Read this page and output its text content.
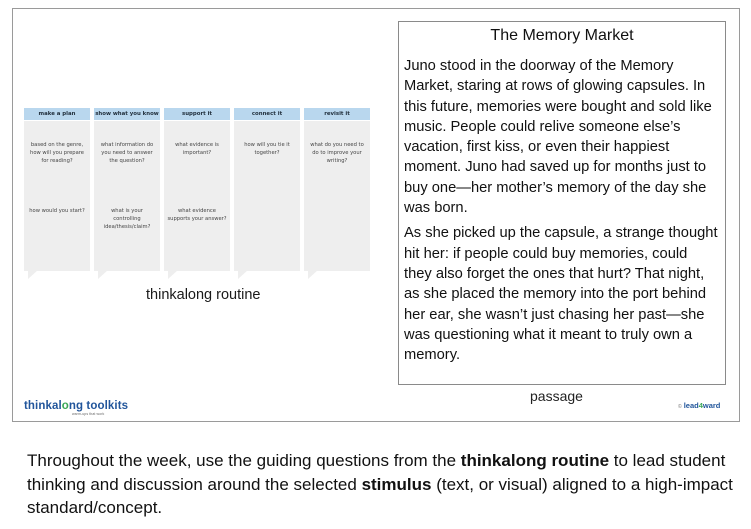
make a plan
based on the genre, how will you prepare for reading?
how would you start?
show what you know
what information do you need to answer the question?
what is your controlling idea/thesis/claim?
support it
what evidence is important?
what evidence supports your answer?
connect it
how will you tie it together?
revisit it
what do you need to do to improve your writing?
thinkalong routine
The Memory Market

Juno stood in the doorway of the Memory Market, staring at rows of glowing capsules. In this future, memories were bought and sold like music. People could relive someone else’s vacation, first kiss, or even their happiest moment. Juno had saved up for months just to buy one—her mother’s memory of the day she was born.

As she picked up the capsule, a strange thought hit her: if people could buy memories, could they also forget the ones that hurt? That night, as she placed the memory into the port behind her ear, she wasn’t just chasing her past—she was questioning what it meant to truly own a memory.

passage
thinkalong toolkits
warm-ups that work
© lead4ward
Throughout the week, use the guiding questions from the thinkalong routine to lead student thinking and discussion around the selected stimulus (text, or visual) aligned to a high-impact standard/concept.
